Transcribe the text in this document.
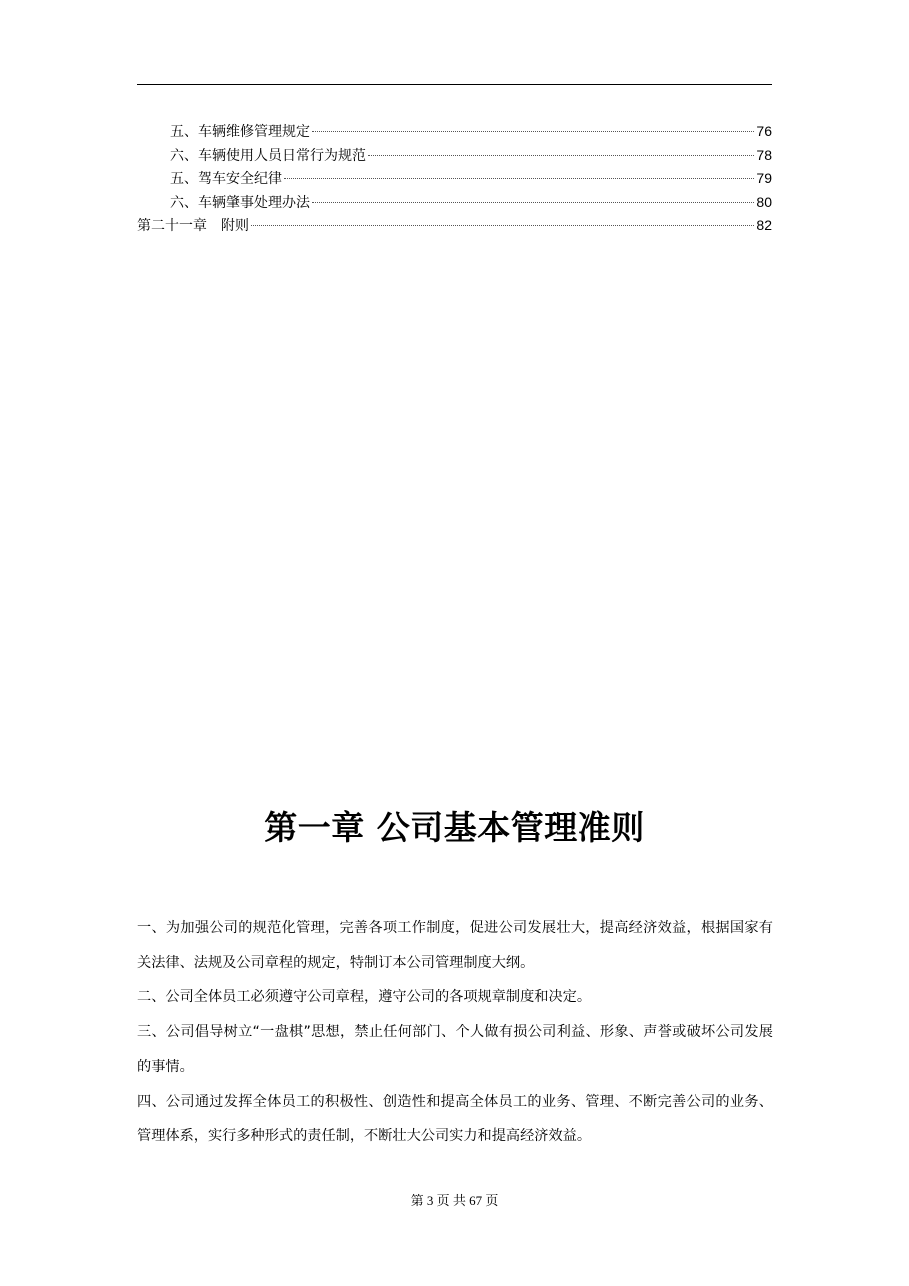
五、车辆维修管理规定	76
六、车辆使用人员日常行为规范	78
五、驾车安全纪律	79
六、车辆肇事处理办法	80
第二十一章　附则	82
第一章 公司基本管理准则

一、为加强公司的规范化管理，完善各项工作制度，促进公司发展壮大，提高经济效益，根据国家有关法律、法规及公司章程的规定，特制订本公司管理制度大纲。

二、公司全体员工必须遵守公司章程，遵守公司的各项规章制度和决定。

三、公司倡导树立“一盘棋”思想，禁止任何部门、个人做有损公司利益、形象、声誉或破坏公司发展的事情。

四、公司通过发挥全体员工的积极性、创造性和提高全体员工的业务、管理、不断完善公司的业务、管理体系，实行多种形式的责任制，不断壮大公司实力和提高经济效益。

第 3 页 共 67 页
